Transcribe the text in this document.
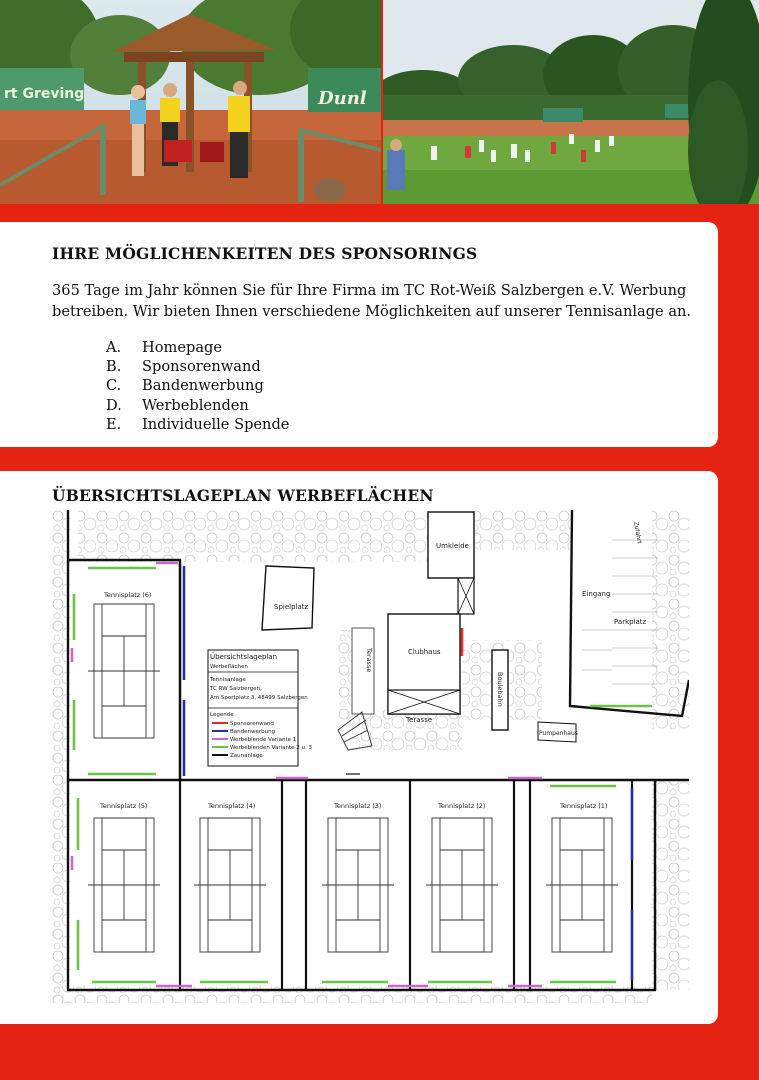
rt Greving	Dunl
IHRE MÖGLICHENKEITEN DES SPONSORINGS

365 Tage im Jahr können Sie für Ihre Firma im TC Rot-Weiß Salzbergen e.V. Werbung betreiben. Wir bieten Ihnen verschiedene Möglichkeiten auf unserer Tennisanlage an.

A.	Homepage
B.	Sponsorenwand
C.	Bandenwerbung
D.	Werbeblenden
E.	Individuelle Spende
ÜBERSICHTSLAGEPLAN WERBEFLÄCHEN
Spielplatz
Umkleide
Clubhaus
Terasse
Terasse
Boulebahn
Pumpenhaus
Eingang
Parkplatz
Zufahrt
Tennisplatz (6)
Tennisplatz (5)	Tennisplatz (4)	Tennisplatz (3)	Tennisplatz (2)	Tennisplatz (1)
Übersichtslageplan
Werbeflächen
Tennisanlage
TC RW Salzbergen,
Am Sportplatz 3, 48499 Salzbergen
Legende
Sponsorenwand
Bandenwerbung
Werbeblende Variante 1
Werbeblenden Variante 2 u. 3
Zaunanlage
